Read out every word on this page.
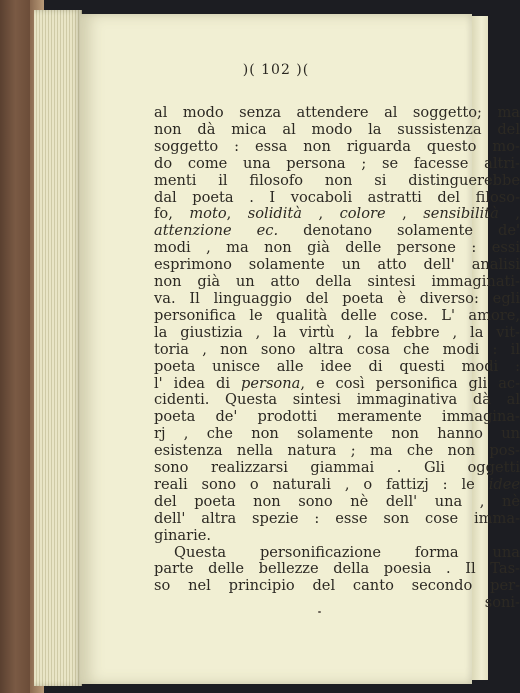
)( 102 )(
al modo senza attendere al soggetto; ma
non dà mica al modo la sussistenza del
soggetto : essa non riguarda questo mo-
do come una persona ; se facesse altri-
menti il filosofo non si distinguerebbe
dal poeta . I vocaboli astratti del filoso-
fo, moto, solidità , colore , sensibilità ,
attenzione ec. denotano solamente de'
modi , ma non già delle persone : essi
esprimono solamente un atto dell' analisi
non già un atto della sintesi immaginati-
va. Il linguaggio del poeta è diverso: egli
personifica le qualità delle cose. L' amore,
la giustizia , la virtù , la febbre , la vit-
toria , non sono altra cosa che modi : il
poeta unisce alle idee di questi modi :
l' idea di persona, e così personifica gli ac-
cidenti. Questa sintesi immaginativa dà al
poeta de' prodotti meramente immagina-
rj , che non solamente non hanno un
esistenza nella natura ; ma che non pos-
sono realizzarsi giammai . Gli oggetti
reali sono o naturali , o fattizj : le idee
del poeta non sono nè dell' una , nè
dell' altra spezie : esse son cose imma-
ginarie.
Questa personificazione forma una
parte delle bellezze della poesia . Il Tas-
so nel principio del canto secondo per-
soni-
